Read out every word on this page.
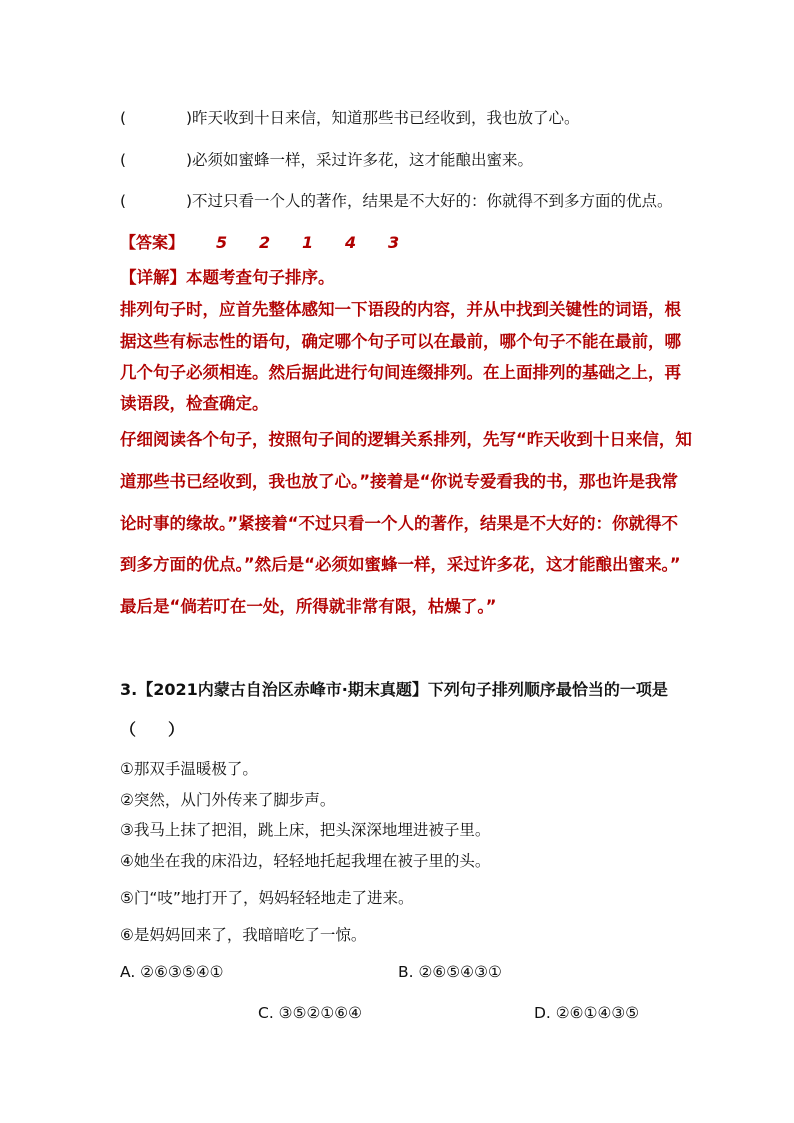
(	)昨天收到十日来信，知道那些书已经收到，我也放了心。
(	)必须如蜜蜂一样，采过许多花，这才能酿出蜜来。
(	)不过只看一个人的著作，结果是不大好的：你就得不到多方面的优点。
【答案】 5 2 1 4 3
【详解】本题考查句子排序。
排列句子时，应首先整体感知一下语段的内容，并从中找到关键性的词语，根
据这些有标志性的语句，确定哪个句子可以在最前，哪个句子不能在最前，哪
几个句子必须相连。然后据此进行句间连缀排列。在上面排列的基础之上，再
读语段，检查确定。
仔细阅读各个句子，按照句子间的逻辑关系排列，先写“昨天收到十日来信，知
道那些书已经收到，我也放了心。”接着是“你说专爱看我的书，那也许是我常
论时事的缘故。”紧接着“不过只看一个人的著作，结果是不大好的：你就得不
到多方面的优点。”然后是“必须如蜜蜂一样，采过许多花，这才能酿出蜜来。”
最后是“倘若叮在一处，所得就非常有限，枯燥了。”
3.【2021内蒙古自治区赤峰市·期末真题】下列句子排列顺序最恰当的一项是
（　　）
①那双手温暖极了。
②突然，从门外传来了脚步声。
③我马上抹了把泪，跳上床，把头深深地埋进被子里。
④她坐在我的床沿边，轻轻地托起我埋在被子里的头。
⑤门“吱”地打开了，妈妈轻轻地走了进来。
⑥是妈妈回来了，我暗暗吃了一惊。
A. ②⑥③⑤④①	B. ②⑥⑤④③①
C. ③⑤②①⑥④	D. ②⑥①④③⑤
